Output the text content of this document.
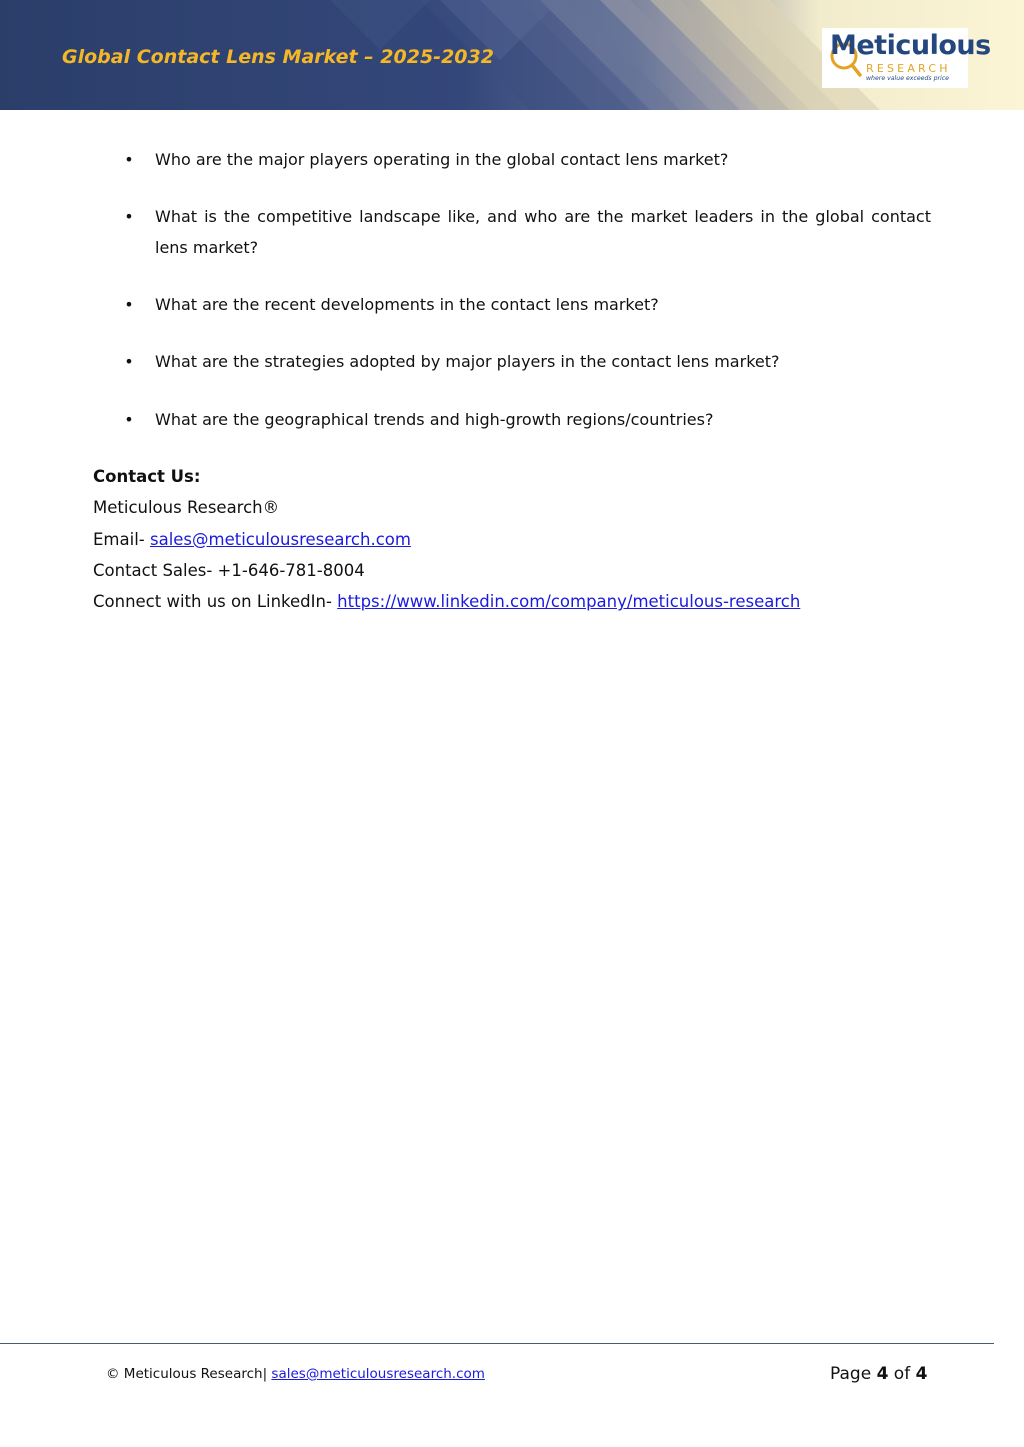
Global Contact Lens Market – 2025-2032	Meticulous
RESEARCH
where value exceeds price
• Who are the major players operating in the global contact lens market?
• What is the competitive landscape like, and who are the market leaders in the global contact lens market?
• What are the recent developments in the contact lens market?
• What are the strategies adopted by major players in the contact lens market?
• What are the geographical trends and high-growth regions/countries?
Contact Us:
Meticulous Research®
Email- sales@meticulousresearch.com
Contact Sales- +1-646-781-8004
Connect with us on LinkedIn- https://www.linkedin.com/company/meticulous-research
© Meticulous Research| sales@meticulousresearch.com	Page 4 of 4
